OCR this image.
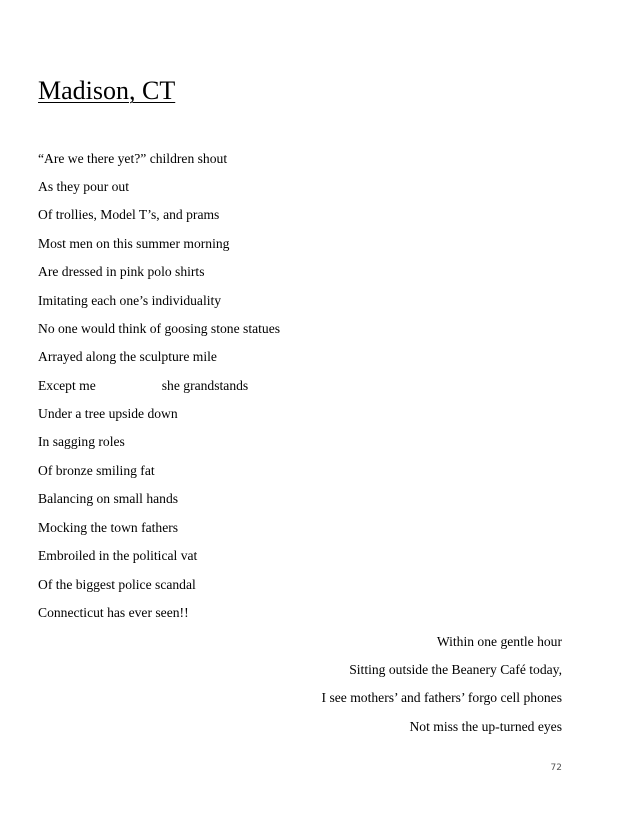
Madison, CT
“Are we there yet?” children shout
As they pour out
Of trollies, Model T’s, and prams
Most men on this summer morning
Are dressed in pink polo shirts
Imitating each one’s individuality
No one would think of goosing stone statues
Arrayed along the sculpture mile
Except me	she grandstands
Under a tree upside down
In sagging roles
Of bronze smiling fat
Balancing on small hands
Mocking the town fathers
Embroiled in the political vat
Of the biggest police scandal
Connecticut has ever seen!!
Within one gentle hour
Sitting outside the Beanery Café today,
I see mothers’ and fathers’ forgo cell phones
Not miss the up-turned eyes
72
